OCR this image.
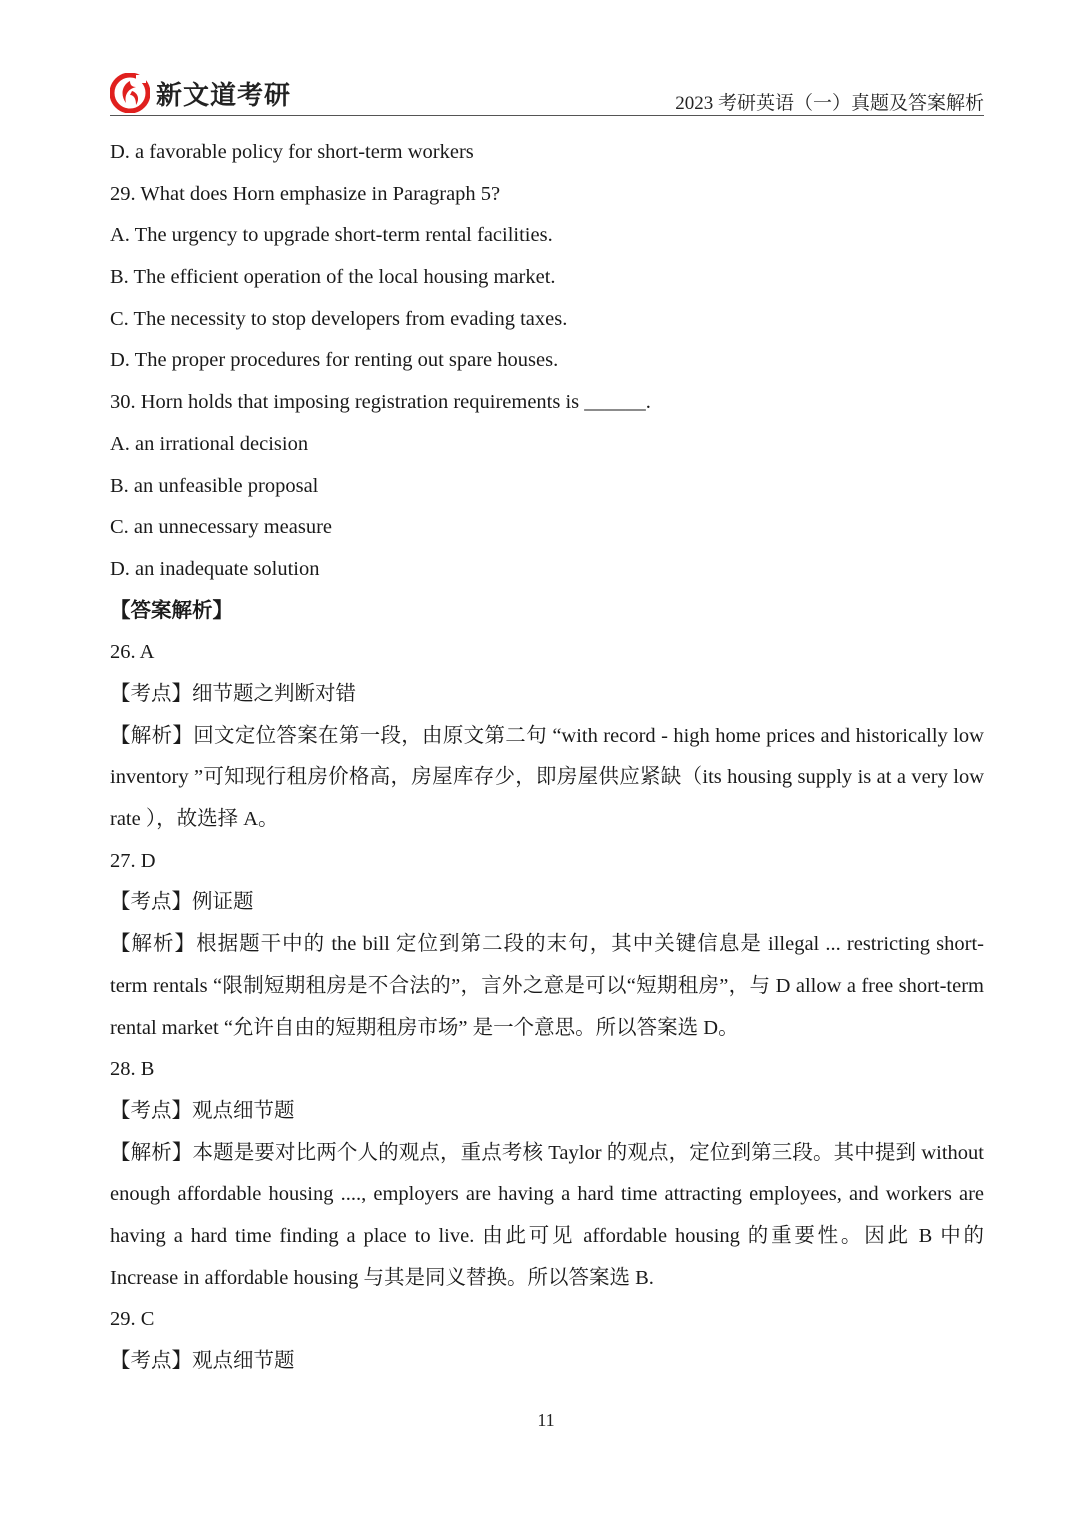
新文道考研	2023 考研英语（一）真题及答案解析
D. a favorable policy for short-term workers
29. What does Horn emphasize in Paragraph 5?
A. The urgency to upgrade short-term rental facilities.
B. The efficient operation of the local housing market.
C. The necessity to stop developers from evading taxes.
D. The proper procedures for renting out spare houses.
30. Horn holds that imposing registration requirements is ______.
A. an irrational decision
B. an unfeasible proposal
C. an unnecessary measure
D. an inadequate solution
【答案解析】
26. A
【考点】细节题之判断对错
【解析】回文定位答案在第一段，由原文第二句 “with record - high home prices and historically low inventory ”可知现行租房价格高，房屋库存少，即房屋供应紧缺（its housing supply is at a very low rate ），故选择 A。
27. D
【考点】例证题
【解析】根据题干中的 the bill 定位到第二段的末句，其中关键信息是 illegal ... restricting short-term rentals “限制短期租房是不合法的”，言外之意是可以“短期租房”，与 D allow a free short-term rental market “允许自由的短期租房市场” 是一个意思。所以答案选 D。
28. B
【考点】观点细节题
【解析】本题是要对比两个人的观点，重点考核 Taylor 的观点，定位到第三段。其中提到 without enough affordable housing ...., employers are having a hard time attracting employees, and workers are having a hard time finding a place to live. 由此可见 affordable housing 的重要性。因此 B 中的 Increase in affordable housing 与其是同义替换。所以答案选 B.
29. C
【考点】观点细节题
11
